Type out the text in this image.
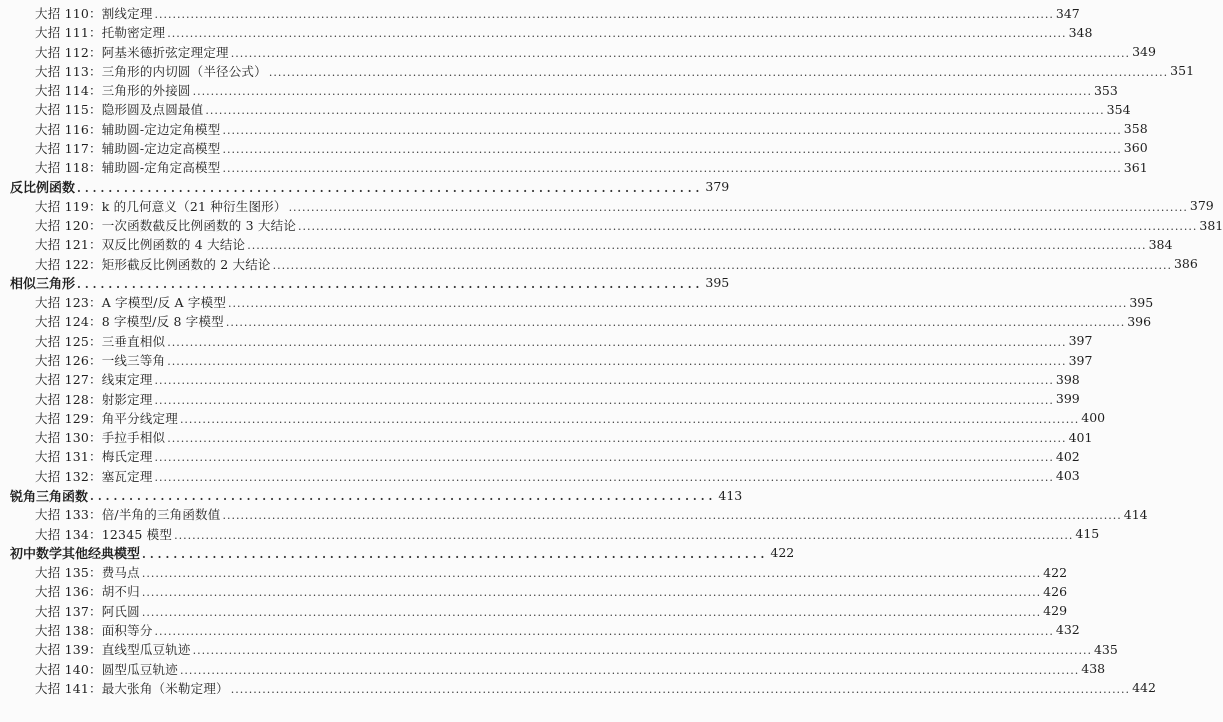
大招 110：割线定理 ........................................................................................................................................................................................................ 347
大招 111：托勒密定理 ........................................................................................................................................................................................................ 348
大招 112：阿基米德折弦定理定理 ........................................................................................................................................................................................................ 349
大招 113：三角形的内切圆（半径公式） ........................................................................................................................................................................................................ 351
大招 114：三角形的外接圆 ........................................................................................................................................................................................................ 353
大招 115：隐形圆及点圆最值 ........................................................................................................................................................................................................ 354
大招 116：辅助圆-定边定角模型 ........................................................................................................................................................................................................ 358
大招 117：辅助圆-定边定高模型 ........................................................................................................................................................................................................ 360
大招 118：辅助圆-定角定高模型 ........................................................................................................................................................................................................ 361
反比例函数 ................................................................................ 379
大招 119：k 的几何意义（21 种衍生图形） ........................................................................................................................................................................................................ 379
大招 120：一次函数截反比例函数的 3 大结论 ........................................................................................................................................................................................................ 381
大招 121：双反比例函数的 4 大结论 ........................................................................................................................................................................................................ 384
大招 122：矩形截反比例函数的 2 大结论 ........................................................................................................................................................................................................ 386
相似三角形 ................................................................................ 395
大招 123：A 字模型/反 A 字模型 ........................................................................................................................................................................................................ 395
大招 124：8 字模型/反 8 字模型 ........................................................................................................................................................................................................ 396
大招 125：三垂直相似 ........................................................................................................................................................................................................ 397
大招 126：一线三等角 ........................................................................................................................................................................................................ 397
大招 127：线束定理 ........................................................................................................................................................................................................ 398
大招 128：射影定理 ........................................................................................................................................................................................................ 399
大招 129：角平分线定理 ........................................................................................................................................................................................................ 400
大招 130：手拉手相似 ........................................................................................................................................................................................................ 401
大招 131：梅氏定理 ........................................................................................................................................................................................................ 402
大招 132：塞瓦定理 ........................................................................................................................................................................................................ 403
锐角三角函数 ................................................................................ 413
大招 133：倍/半角的三角函数值 ........................................................................................................................................................................................................ 414
大招 134：12345 模型 ........................................................................................................................................................................................................ 415
初中数学其他经典模型 ................................................................................ 422
大招 135：费马点 ........................................................................................................................................................................................................ 422
大招 136：胡不归 ........................................................................................................................................................................................................ 426
大招 137：阿氏圆 ........................................................................................................................................................................................................ 429
大招 138：面积等分 ........................................................................................................................................................................................................ 432
大招 139：直线型瓜豆轨迹 ........................................................................................................................................................................................................ 435
大招 140：圆型瓜豆轨迹 ........................................................................................................................................................................................................ 438
大招 141：最大张角（米勒定理） ........................................................................................................................................................................................................ 442
